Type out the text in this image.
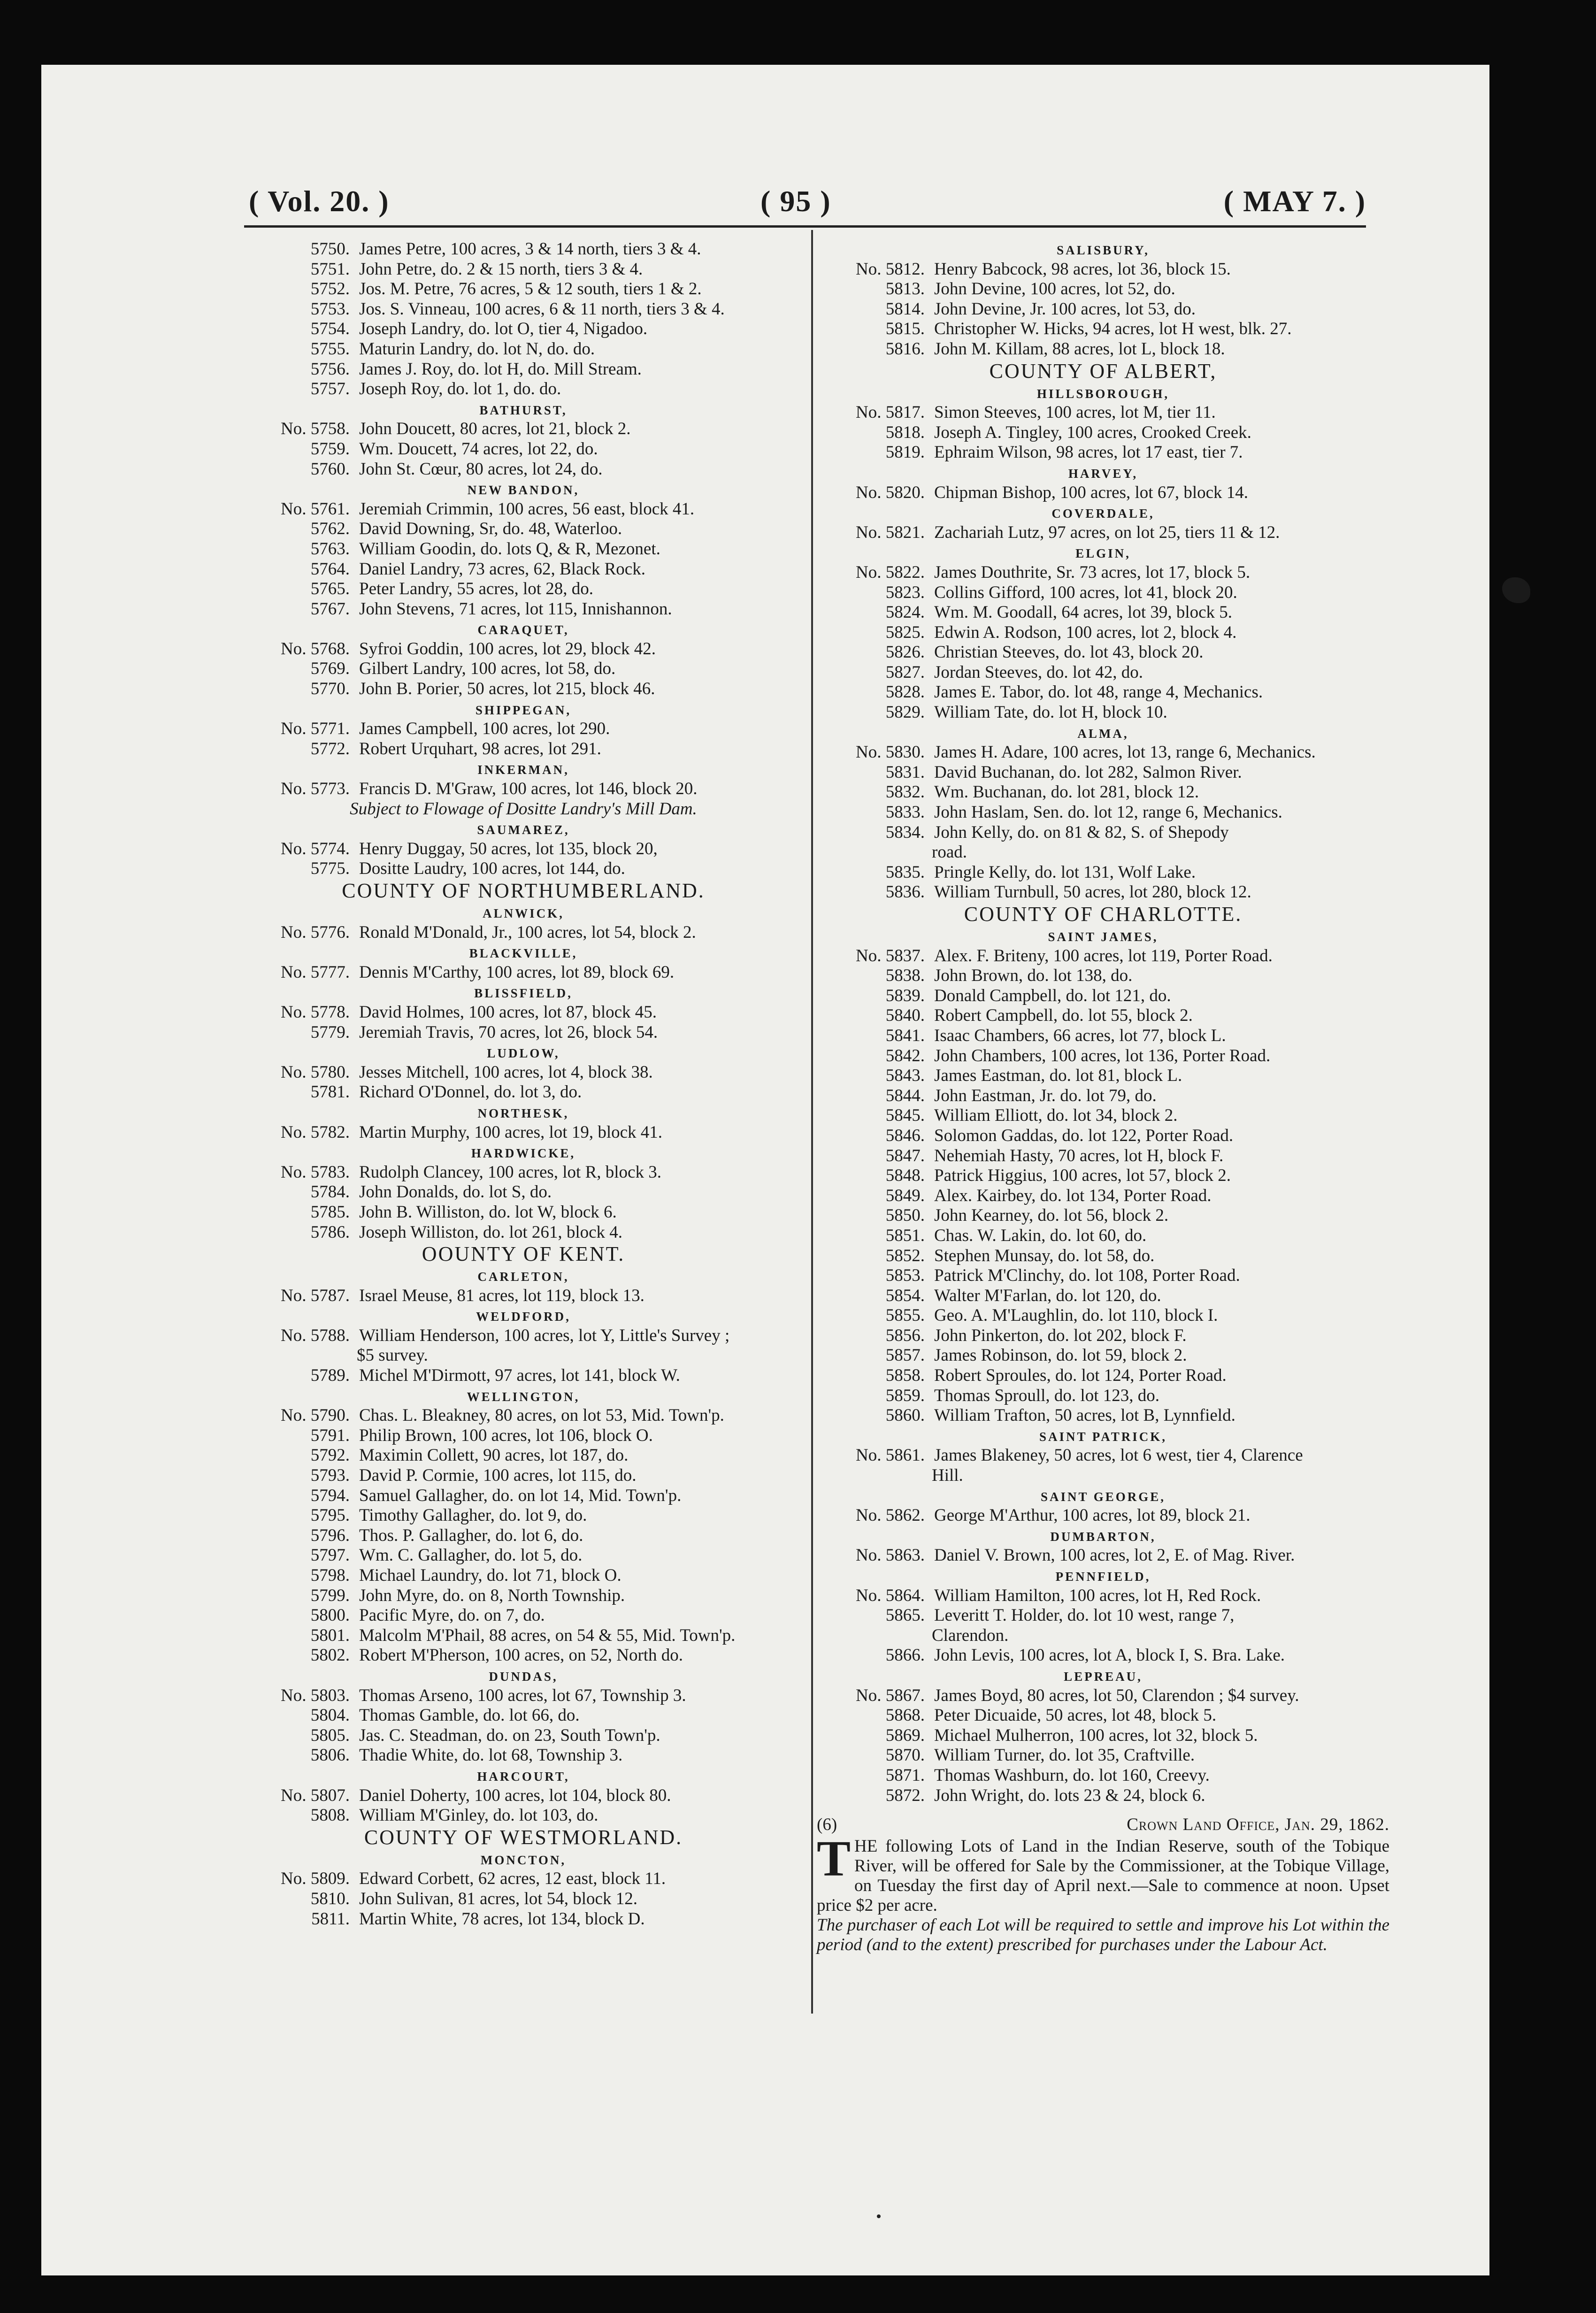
( Vol. 20. )	( 95 )	( MAY 7. )
5750. James Petre, 100 acres, 3 & 14 north, tiers 3 & 4.
5751. John Petre, do. 2 & 15 north, tiers 3 & 4.
5752. Jos. M. Petre, 76 acres, 5 & 12 south, tiers 1 & 2.
5753. Jos. S. Vinneau, 100 acres, 6 & 11 north, tiers 3 & 4.
5754. Joseph Landry, do. lot O, tier 4, Nigadoo.
5755. Maturin Landry, do. lot N, do. do.
5756. James J. Roy, do. lot H, do. Mill Stream.
5757. Joseph Roy, do. lot 1, do. do.
BATHURST,
No. 5758. John Doucett, 80 acres, lot 21, block 2.
5759. Wm. Doucett, 74 acres, lot 22, do.
5760. John St. Cœur, 80 acres, lot 24, do.
NEW BANDON,
No. 5761. Jeremiah Crimmin, 100 acres, 56 east, block 41.
5762. David Downing, Sr, do. 48, Waterloo.
5763. William Goodin, do. lots Q, & R, Mezonet.
5764. Daniel Landry, 73 acres, 62, Black Rock.
5765. Peter Landry, 55 acres, lot 28, do.
5767. John Stevens, 71 acres, lot 115, Innishannon.
CARAQUET,
No. 5768. Syfroi Goddin, 100 acres, lot 29, block 42.
5769. Gilbert Landry, 100 acres, lot 58, do.
5770. John B. Porier, 50 acres, lot 215, block 46.
SHIPPEGAN,
No. 5771. James Campbell, 100 acres, lot 290.
5772. Robert Urquhart, 98 acres, lot 291.
INKERMAN,
No. 5773. Francis D. M'Graw, 100 acres, lot 146, block 20.
Subject to Flowage of Dositte Landry's Mill Dam.
SAUMAREZ,
No. 5774. Henry Duggay, 50 acres, lot 135, block 20,
5775. Dositte Laudry, 100 acres, lot 144, do.
COUNTY OF NORTHUMBERLAND.
ALNWICK,
No. 5776. Ronald M'Donald, Jr., 100 acres, lot 54, block 2.
BLACKVILLE,
No. 5777. Dennis M'Carthy, 100 acres, lot 89, block 69.
BLISSFIELD,
No. 5778. David Holmes, 100 acres, lot 87, block 45.
5779. Jeremiah Travis, 70 acres, lot 26, block 54.
LUDLOW,
No. 5780. Jesses Mitchell, 100 acres, lot 4, block 38.
5781. Richard O'Donnel, do. lot 3, do.
NORTHESK,
No. 5782. Martin Murphy, 100 acres, lot 19, block 41.
HARDWICKE,
No. 5783. Rudolph Clancey, 100 acres, lot R, block 3.
5784. John Donalds, do. lot S, do.
5785. John B. Williston, do. lot W, block 6.
5786. Joseph Williston, do. lot 261, block 4.
OOUNTY OF KENT.
CARLETON,
No. 5787. Israel Meuse, 81 acres, lot 119, block 13.
WELDFORD,
No. 5788. William Henderson, 100 acres, lot Y, Little's Survey ;
$5 survey.
5789. Michel M'Dirmott, 97 acres, lot 141, block W.
WELLINGTON,
No. 5790. Chas. L. Bleakney, 80 acres, on lot 53, Mid. Town'p.
5791. Philip Brown, 100 acres, lot 106, block O.
5792. Maximin Collett, 90 acres, lot 187, do.
5793. David P. Cormie, 100 acres, lot 115, do.
5794. Samuel Gallagher, do. on lot 14, Mid. Town'p.
5795. Timothy Gallagher, do. lot 9, do.
5796. Thos. P. Gallagher, do. lot 6, do.
5797. Wm. C. Gallagher, do. lot 5, do.
5798. Michael Laundry, do. lot 71, block O.
5799. John Myre, do. on 8, North Township.
5800. Pacific Myre, do. on 7, do.
5801. Malcolm M'Phail, 88 acres, on 54 & 55, Mid. Town'p.
5802. Robert M'Pherson, 100 acres, on 52, North do.
DUNDAS,
No. 5803. Thomas Arseno, 100 acres, lot 67, Township 3.
5804. Thomas Gamble, do. lot 66, do.
5805. Jas. C. Steadman, do. on 23, South Town'p.
5806. Thadie White, do. lot 68, Township 3.
HARCOURT,
No. 5807. Daniel Doherty, 100 acres, lot 104, block 80.
5808. William M'Ginley, do. lot 103, do.
COUNTY OF WESTMORLAND.
MONCTON,
No. 5809. Edward Corbett, 62 acres, 12 east, block 11.
5810. John Sulivan, 81 acres, lot 54, block 12.
5811. Martin White, 78 acres, lot 134, block D.
SALISBURY,
No. 5812. Henry Babcock, 98 acres, lot 36, block 15.
5813. John Devine, 100 acres, lot 52, do.
5814. John Devine, Jr. 100 acres, lot 53, do.
5815. Christopher W. Hicks, 94 acres, lot H west, blk. 27.
5816. John M. Killam, 88 acres, lot L, block 18.
COUNTY OF ALBERT,
HILLSBOROUGH,
No. 5817. Simon Steeves, 100 acres, lot M, tier 11.
5818. Joseph A. Tingley, 100 acres, Crooked Creek.
5819. Ephraim Wilson, 98 acres, lot 17 east, tier 7.
HARVEY,
No. 5820. Chipman Bishop, 100 acres, lot 67, block 14.
COVERDALE,
No. 5821. Zachariah Lutz, 97 acres, on lot 25, tiers 11 & 12.
ELGIN,
No. 5822. James Douthrite, Sr. 73 acres, lot 17, block 5.
5823. Collins Gifford, 100 acres, lot 41, block 20.
5824. Wm. M. Goodall, 64 acres, lot 39, block 5.
5825. Edwin A. Rodson, 100 acres, lot 2, block 4.
5826. Christian Steeves, do. lot 43, block 20.
5827. Jordan Steeves, do. lot 42, do.
5828. James E. Tabor, do. lot 48, range 4, Mechanics.
5829. William Tate, do. lot H, block 10.
ALMA,
No. 5830. James H. Adare, 100 acres, lot 13, range 6, Mechanics.
5831. David Buchanan, do. lot 282, Salmon River.
5832. Wm. Buchanan, do. lot 281, block 12.
5833. John Haslam, Sen. do. lot 12, range 6, Mechanics.
5834. John Kelly, do. on 81 & 82, S. of Shepody
road.
5835. Pringle Kelly, do. lot 131, Wolf Lake.
5836. William Turnbull, 50 acres, lot 280, block 12.
COUNTY OF CHARLOTTE.
SAINT JAMES,
No. 5837. Alex. F. Briteny, 100 acres, lot 119, Porter Road.
5838. John Brown, do. lot 138, do.
5839. Donald Campbell, do. lot 121, do.
5840. Robert Campbell, do. lot 55, block 2.
5841. Isaac Chambers, 66 acres, lot 77, block L.
5842. John Chambers, 100 acres, lot 136, Porter Road.
5843. James Eastman, do. lot 81, block L.
5844. John Eastman, Jr. do. lot 79, do.
5845. William Elliott, do. lot 34, block 2.
5846. Solomon Gaddas, do. lot 122, Porter Road.
5847. Nehemiah Hasty, 70 acres, lot H, block F.
5848. Patrick Higgius, 100 acres, lot 57, block 2.
5849. Alex. Kairbey, do. lot 134, Porter Road.
5850. John Kearney, do. lot 56, block 2.
5851. Chas. W. Lakin, do. lot 60, do.
5852. Stephen Munsay, do. lot 58, do.
5853. Patrick M'Clinchy, do. lot 108, Porter Road.
5854. Walter M'Farlan, do. lot 120, do.
5855. Geo. A. M'Laughlin, do. lot 110, block I.
5856. John Pinkerton, do. lot 202, block F.
5857. James Robinson, do. lot 59, block 2.
5858. Robert Sproules, do. lot 124, Porter Road.
5859. Thomas Sproull, do. lot 123, do.
5860. William Trafton, 50 acres, lot B, Lynnfield.
SAINT PATRICK,
No. 5861. James Blakeney, 50 acres, lot 6 west, tier 4, Clarence
Hill.
SAINT GEORGE,
No. 5862. George M'Arthur, 100 acres, lot 89, block 21.
DUMBARTON,
No. 5863. Daniel V. Brown, 100 acres, lot 2, E. of Mag. River.
PENNFIELD,
No. 5864. William Hamilton, 100 acres, lot H, Red Rock.
5865. Leveritt T. Holder, do. lot 10 west, range 7,
Clarendon.
5866. John Levis, 100 acres, lot A, block I, S. Bra. Lake.
LEPREAU,
No. 5867. James Boyd, 80 acres, lot 50, Clarendon ; $4 survey.
5868. Peter Dicuaide, 50 acres, lot 48, block 5.
5869. Michael Mulherron, 100 acres, lot 32, block 5.
5870. William Turner, do. lot 35, Craftville.
5871. Thomas Washburn, do. lot 160, Creevy.
5872. John Wright, do. lots 23 & 24, block 6.
(6)	Crown Land Office, Jan. 29, 1862.

THE following Lots of Land in the Indian Reserve, south of the Tobique River, will be offered for Sale by the Commissioner, at the Tobique Village, on Tuesday the first day of April next.—Sale to commence at noon. Upset price $2 per acre.

The purchaser of each Lot will be required to settle and improve his Lot within the period (and to the extent) prescribed for purchases under the Labour Act.
